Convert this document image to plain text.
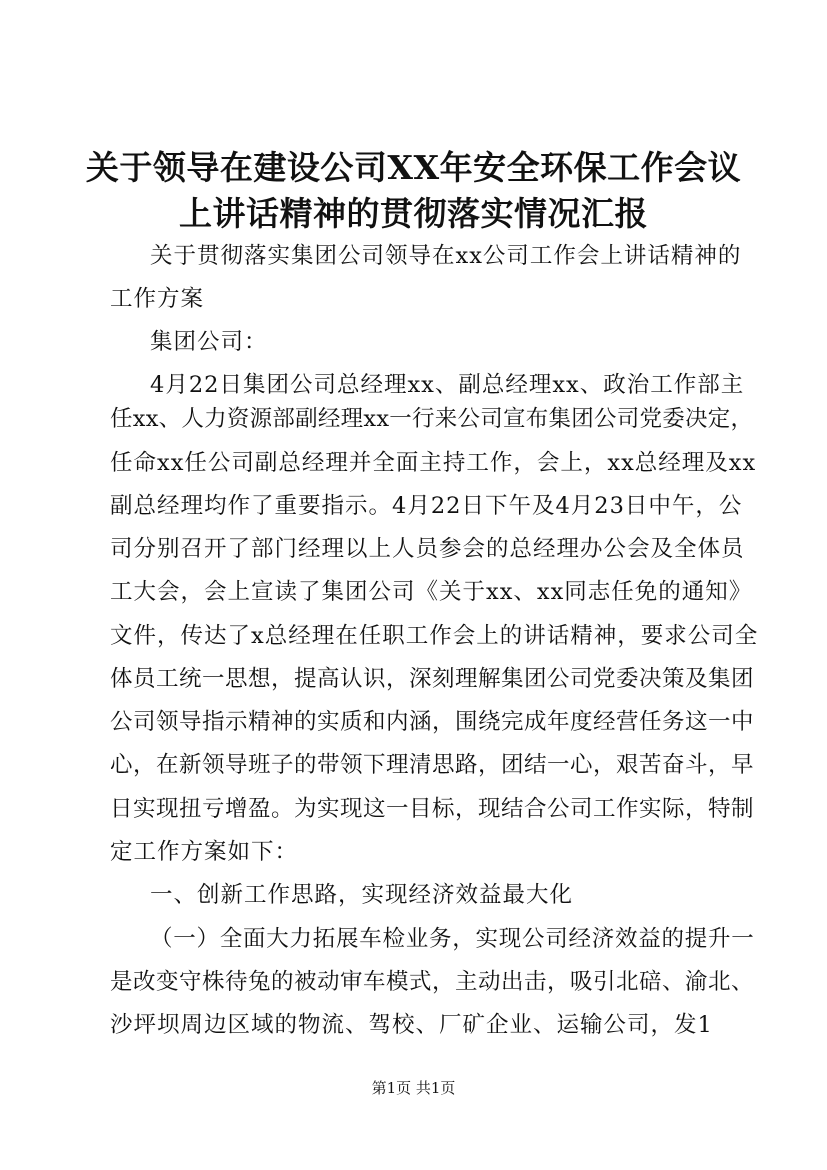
关于领导在建设公司XX年安全环保工作会议
上讲话精神的贯彻落实情况汇报
关于贯彻落实集团公司领导在xx公司工作会上讲话精神的
工作方案
集团公司：
4月22日集团公司总经理xx、副总经理xx、政治工作部主
任xx、人力资源部副经理xx一行来公司宣布集团公司党委决定，
任命xx任公司副总经理并全面主持工作，会上，xx总经理及xx
副总经理均作了重要指示。4月22日下午及4月23日中午，公
司分别召开了部门经理以上人员参会的总经理办公会及全体员
工大会，会上宣读了集团公司《关于xx、xx同志任免的通知》
文件，传达了x总经理在任职工作会上的讲话精神，要求公司全
体员工统一思想，提高认识，深刻理解集团公司党委决策及集团
公司领导指示精神的实质和内涵，围绕完成年度经营任务这一中
心，在新领导班子的带领下理清思路，团结一心，艰苦奋斗，早
日实现扭亏增盈。为实现这一目标，现结合公司工作实际，特制
定工作方案如下：
一、创新工作思路，实现经济效益最大化
（一）全面大力拓展车检业务，实现公司经济效益的提升一
是改变守株待兔的被动审车模式，主动出击，吸引北碚、渝北、
沙坪坝周边区域的物流、驾校、厂矿企业、运输公司，发1
第1页 共1页
